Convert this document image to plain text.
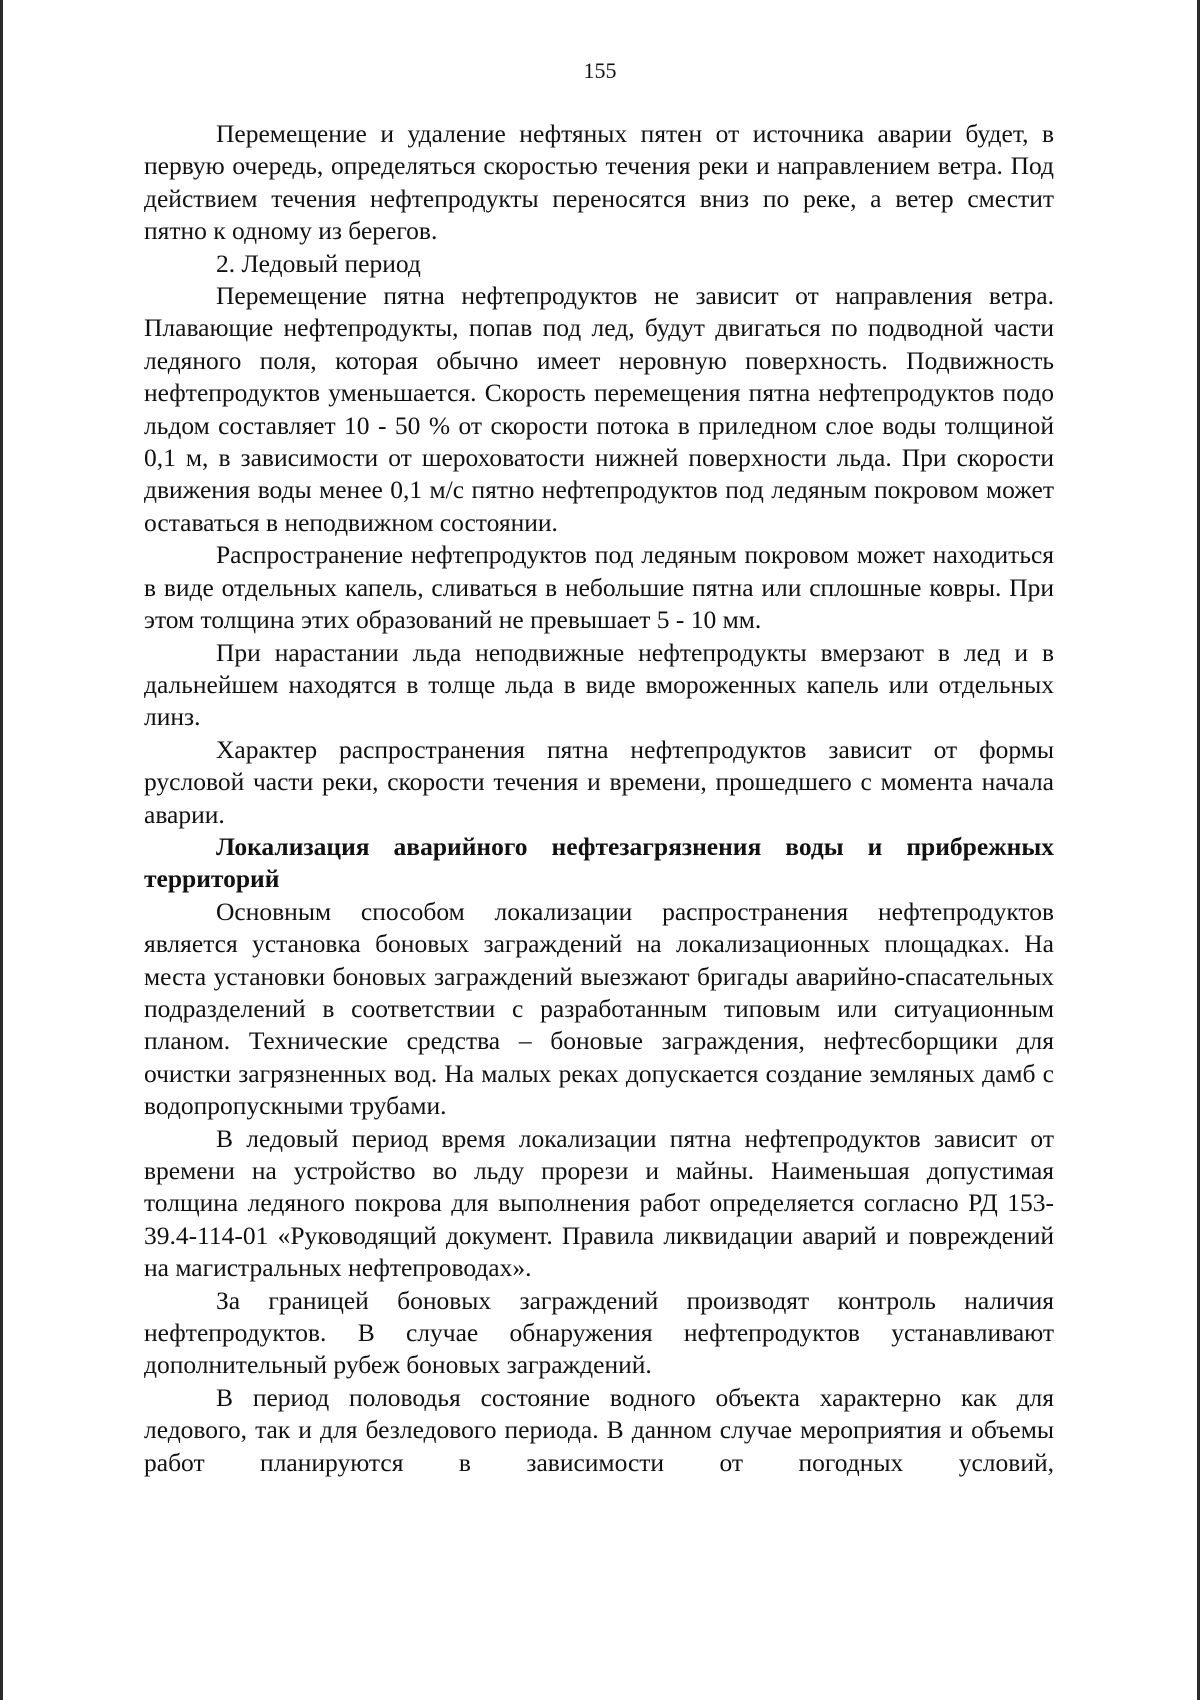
155

Перемещение и удаление нефтяных пятен от источника аварии будет, в первую очередь, определяться скоростью течения реки и направлением ветра. Под действием течения нефтепродукты переносятся вниз по реке, а ветер сместит пятно к одному из берегов.

2. Ледовый период

Перемещение пятна нефтепродуктов не зависит от направления ветра. Плавающие нефтепродукты, попав под лед, будут двигаться по подводной части ледяного поля, которая обычно имеет неровную поверхность. Подвижность нефтепродуктов уменьшается. Скорость перемещения пятна нефтепродуктов подо льдом составляет 10 - 50 % от скорости потока в приледном слое воды толщиной 0,1 м, в зависимости от шероховатости нижней поверхности льда. При скорости движения воды менее 0,1 м/с пятно нефтепродуктов под ледяным покровом может оставаться в неподвижном состоянии.

Распространение нефтепродуктов под ледяным покровом может находиться в виде отдельных капель, сливаться в небольшие пятна или сплошные ковры. При этом толщина этих образований не превышает 5 - 10 мм.

При нарастании льда неподвижные нефтепродукты вмерзают в лед и в дальнейшем находятся в толще льда в виде вмороженных капель или отдельных линз.

Характер распространения пятна нефтепродуктов зависит от формы русловой части реки, скорости течения и времени, прошедшего с момента начала аварии.

Локализация аварийного нефтезагрязнения воды и прибрежных территорий

Основным способом локализации распространения нефтепродуктов является установка боновых заграждений на локализационных площадках. На места установки боновых заграждений выезжают бригады аварийно-спасательных подразделений в соответствии с разработанным типовым или ситуационным планом. Технические средства – боновые заграждения, нефтесборщики для очистки загрязненных вод. На малых реках допускается создание земляных дамб с водопропускными трубами.

В ледовый период время локализации пятна нефтепродуктов зависит от времени на устройство во льду прорези и майны. Наименьшая допустимая толщина ледяного покрова для выполнения работ определяется согласно РД 153-39.4-114-01 «Руководящий документ. Правила ликвидации аварий и повреждений на магистральных нефтепроводах».

За границей боновых заграждений производят контроль наличия нефтепродуктов. В случае обнаружения нефтепродуктов устанавливают дополнительный рубеж боновых заграждений.

В период половодья состояние водного объекта характерно как для ледового, так и для безледового периода. В данном случае мероприятия и объемы работ планируются в зависимости от погодных условий,
